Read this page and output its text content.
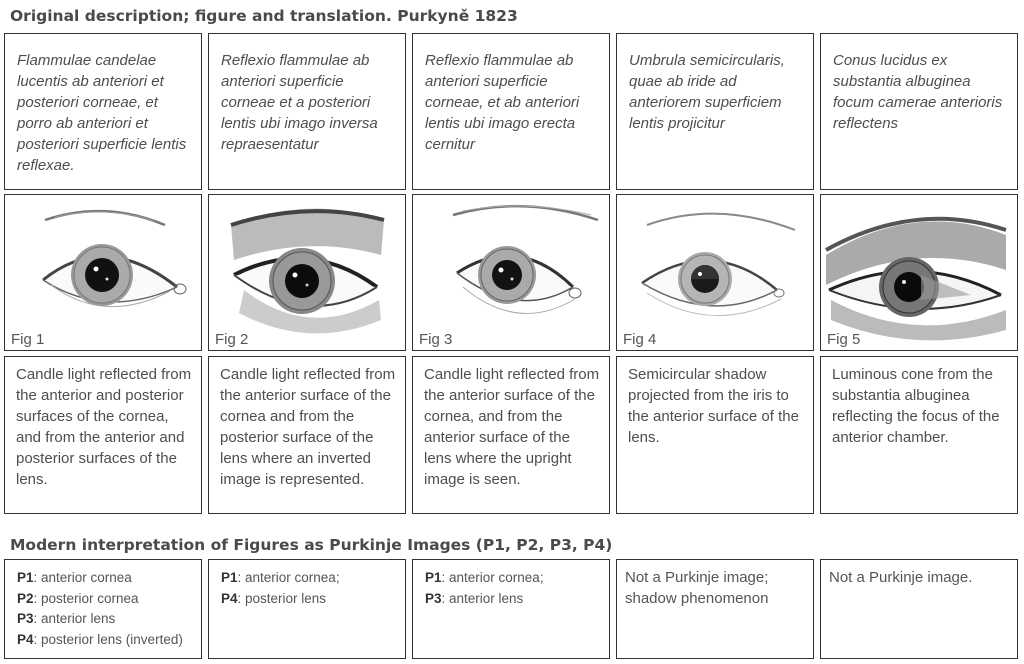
Original description; figure and translation. Purkyně 1823
Flammulae candelae lucentis ab anteriori et posteriori corneae, et porro ab anteriori et posteriori superficie lentis reflexae.
Reflexio flammulae ab anteriori superficie corneae et a posteriori lentis ubi imago inversa repraesentatur
Reflexio flammulae ab anteriori superficie corneae, et ab anteriori lentis ubi imago erecta cernitur
Umbrula semicircularis, quae ab iride ad anteriorem superficiem lentis projicitur
Conus lucidus ex substantia albuginea focum camerae anterioris reflectens
Fig 1	Fig 2	Fig 3	Fig 4	Fig 5
Candle light reflected from the anterior and posterior surfaces of the cornea, and from the anterior and posterior surfaces of the lens.
Candle light reflected from the anterior surface of the cornea and from the posterior surface of the lens where an inverted image is represented.
Candle light reflected from the anterior surface of the cornea, and from the anterior surface of the lens where the upright image is seen.
Semicircular shadow projected from the iris to the anterior surface of the lens.
Luminous cone from the substantia albuginea reflecting the focus of the anterior chamber.
Modern interpretation of Figures as Purkinje Images (P1, P2, P3, P4)
P1: anterior cornea
P2: posterior cornea
P3: anterior lens
P4: posterior lens (inverted)
P1: anterior cornea;
P4: posterior lens
P1: anterior cornea;
P3: anterior lens
Not a Purkinje image; shadow phenomenon
Not a Purkinje image.
